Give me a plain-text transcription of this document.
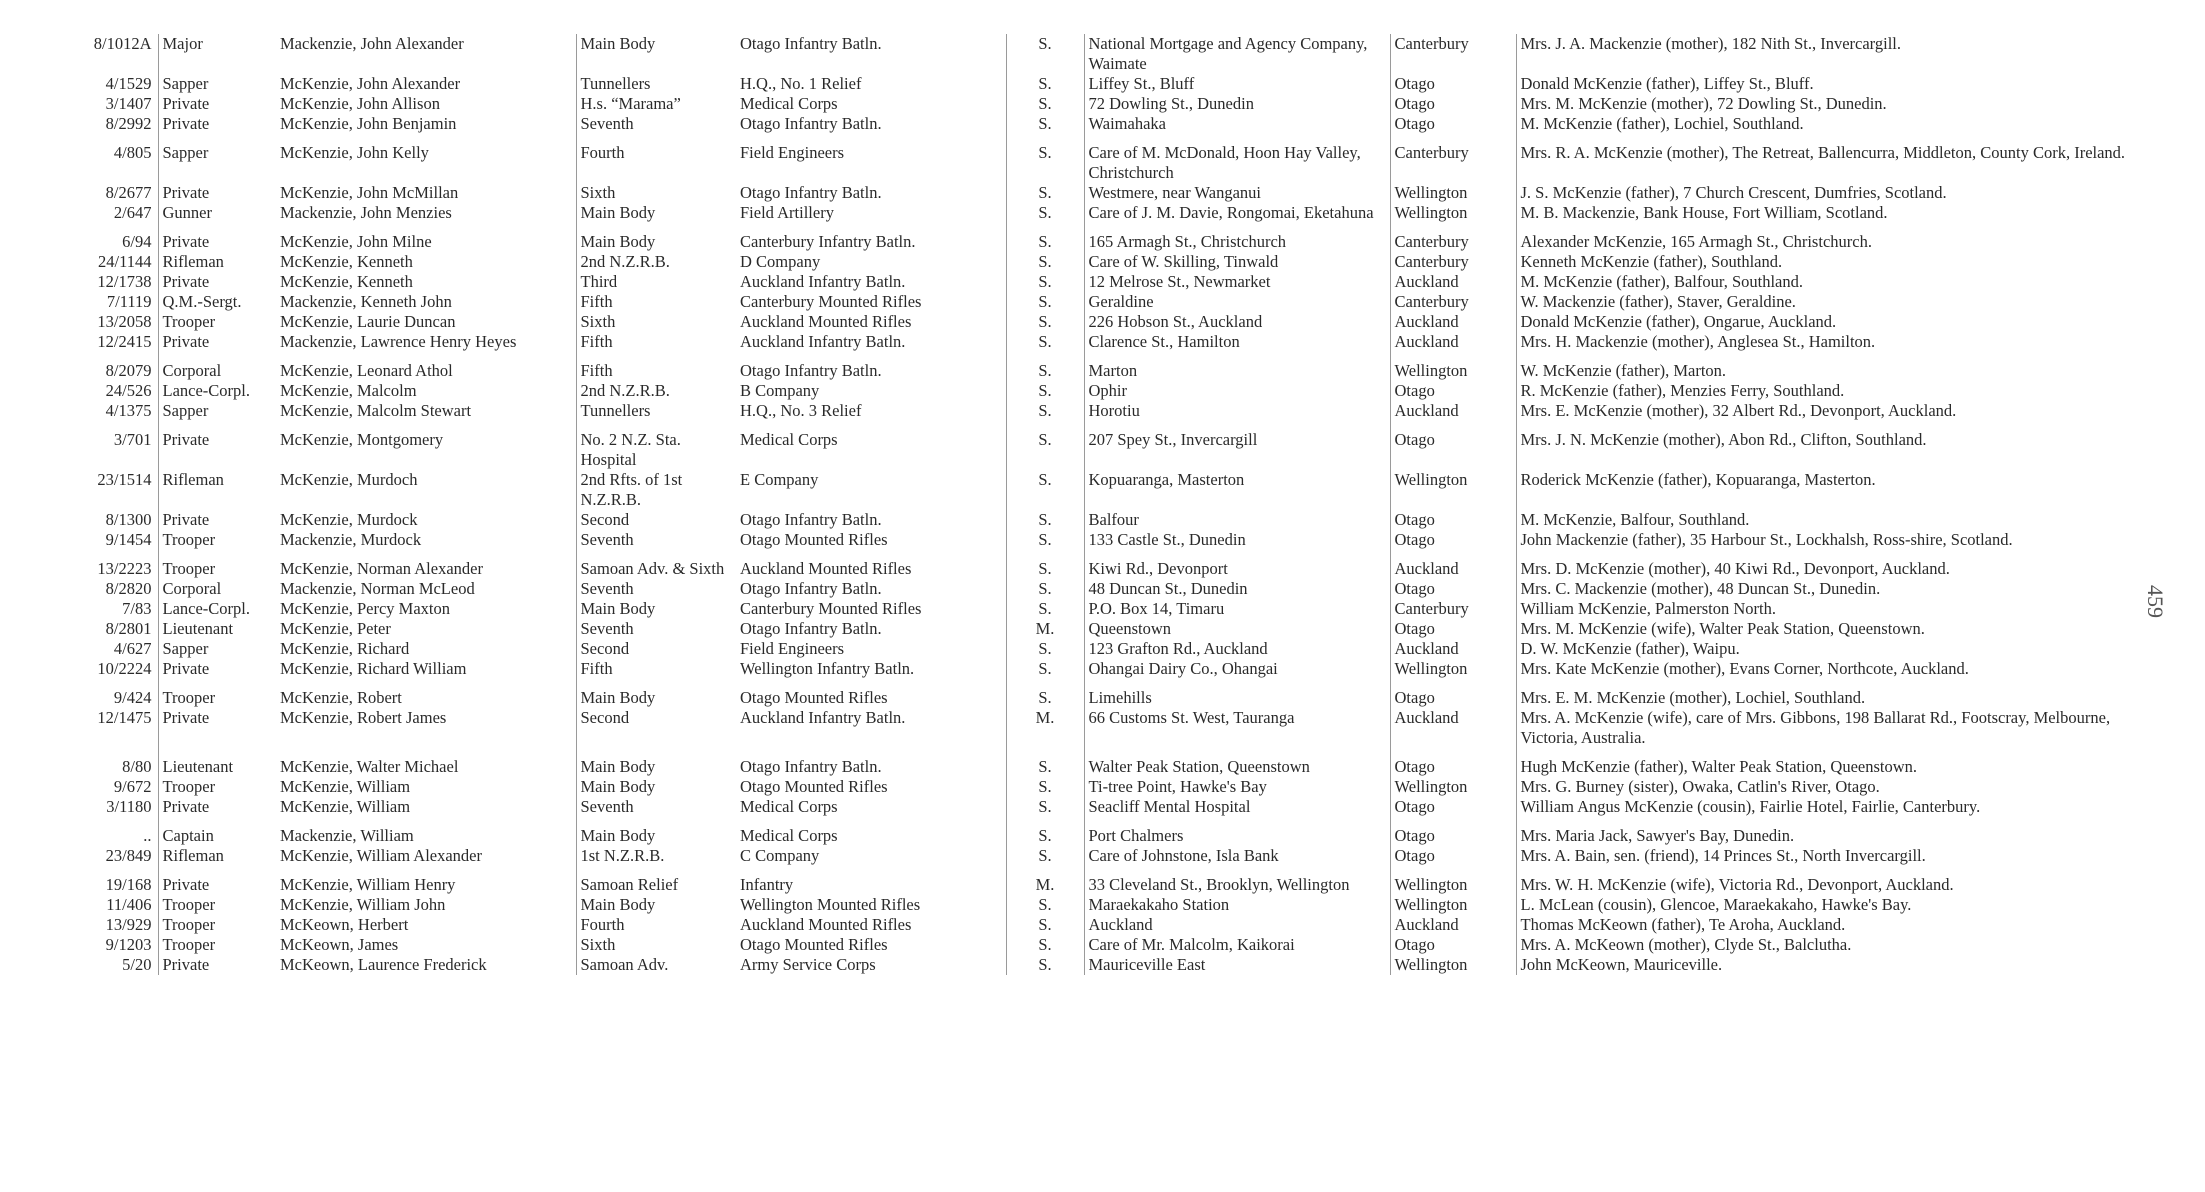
8/1012A	Major	Mackenzie, John Alexander	Main Body	Otago Infantry Batln.	S.	National Mortgage and Agency Company, Waimate	Canterbury	Mrs. J. A. Mackenzie (mother), 182 Nith St., Invercargill.
4/1529	Sapper	McKenzie, John Alexander	Tunnellers	H.Q., No. 1 Relief	S.	Liffey St., Bluff	Otago	Donald McKenzie (father), Liffey St., Bluff.
3/1407	Private	McKenzie, John Allison	H.s. “Marama”	Medical Corps	S.	72 Dowling St., Dunedin	Otago	Mrs. M. McKenzie (mother), 72 Dowling St., Dunedin.
8/2992	Private	McKenzie, John Benjamin	Seventh	Otago Infantry Batln.	S.	Waimahaka	Otago	M. McKenzie (father), Lochiel, Southland.
4/805	Sapper	McKenzie, John Kelly	Fourth	Field Engineers	S.	Care of M. McDonald, Hoon Hay Valley, Christchurch	Canterbury	Mrs. R. A. McKenzie (mother), The Retreat, Ballencurra, Middleton, County Cork, Ireland.
8/2677	Private	McKenzie, John McMillan	Sixth	Otago Infantry Batln.	S.	Westmere, near Wanganui	Wellington	J. S. McKenzie (father), 7 Church Crescent, Dumfries, Scotland.
2/647	Gunner	Mackenzie, John Menzies	Main Body	Field Artillery	S.	Care of J. M. Davie, Rongomai, Eketahuna	Wellington	M. B. Mackenzie, Bank House, Fort William, Scotland.
6/94	Private	McKenzie, John Milne	Main Body	Canterbury Infantry Batln.	S.	165 Armagh St., Christchurch	Canterbury	Alexander McKenzie, 165 Armagh St., Christchurch.
24/1144	Rifleman	McKenzie, Kenneth	2nd N.Z.R.B.	D Company	S.	Care of W. Skilling, Tinwald	Canterbury	Kenneth McKenzie (father), Southland.
12/1738	Private	McKenzie, Kenneth	Third	Auckland Infantry Batln.	S.	12 Melrose St., Newmarket	Auckland	M. McKenzie (father), Balfour, Southland.
7/1119	Q.M.-Sergt.	Mackenzie, Kenneth John	Fifth	Canterbury Mounted Rifles	S.	Geraldine	Canterbury	W. Mackenzie (father), Staver, Geraldine.
13/2058	Trooper	McKenzie, Laurie Duncan	Sixth	Auckland Mounted Rifles	S.	226 Hobson St., Auckland	Auckland	Donald McKenzie (father), Ongarue, Auckland.
12/2415	Private	Mackenzie, Lawrence Henry Heyes	Fifth	Auckland Infantry Batln.	S.	Clarence St., Hamilton	Auckland	Mrs. H. Mackenzie (mother), Anglesea St., Hamilton.
8/2079	Corporal	McKenzie, Leonard Athol	Fifth	Otago Infantry Batln.	S.	Marton	Wellington	W. McKenzie (father), Marton.
24/526	Lance-Corpl.	McKenzie, Malcolm	2nd N.Z.R.B.	B Company	S.	Ophir	Otago	R. McKenzie (father), Menzies Ferry, Southland.
4/1375	Sapper	McKenzie, Malcolm Stewart	Tunnellers	H.Q., No. 3 Relief	S.	Horotiu	Auckland	Mrs. E. McKenzie (mother), 32 Albert Rd., Devonport, Auckland.
3/701	Private	McKenzie, Montgomery	No. 2 N.Z. Sta. Hospital	Medical Corps	S.	207 Spey St., Invercargill	Otago	Mrs. J. N. McKenzie (mother), Abon Rd., Clifton, Southland.
23/1514	Rifleman	McKenzie, Murdoch	2nd Rfts. of 1st N.Z.R.B.	E Company	S.	Kopuaranga, Masterton	Wellington	Roderick McKenzie (father), Kopuaranga, Masterton.
8/1300	Private	McKenzie, Murdock	Second	Otago Infantry Batln.	S.	Balfour	Otago	M. McKenzie, Balfour, Southland.
9/1454	Trooper	Mackenzie, Murdock	Seventh	Otago Mounted Rifles	S.	133 Castle St., Dunedin	Otago	John Mackenzie (father), 35 Harbour St., Lockhalsh, Ross-shire, Scotland.
13/2223	Trooper	McKenzie, Norman Alexander	Samoan Adv. & Sixth	Auckland Mounted Rifles	S.	Kiwi Rd., Devonport	Auckland	Mrs. D. McKenzie (mother), 40 Kiwi Rd., Devonport, Auckland.
8/2820	Corporal	Mackenzie, Norman McLeod	Seventh	Otago Infantry Batln.	S.	48 Duncan St., Dunedin	Otago	Mrs. C. Mackenzie (mother), 48 Duncan St., Dunedin.
7/83	Lance-Corpl.	McKenzie, Percy Maxton	Main Body	Canterbury Mounted Rifles	S.	P.O. Box 14, Timaru	Canterbury	William McKenzie, Palmerston North.
8/2801	Lieutenant	McKenzie, Peter	Seventh	Otago Infantry Batln.	M.	Queenstown	Otago	Mrs. M. McKenzie (wife), Walter Peak Station, Queenstown.
4/627	Sapper	McKenzie, Richard	Second	Field Engineers	S.	123 Grafton Rd., Auckland	Auckland	D. W. McKenzie (father), Waipu.
10/2224	Private	McKenzie, Richard William	Fifth	Wellington Infantry Batln.	S.	Ohangai Dairy Co., Ohangai	Wellington	Mrs. Kate McKenzie (mother), Evans Corner, Northcote, Auckland.
9/424	Trooper	McKenzie, Robert	Main Body	Otago Mounted Rifles	S.	Limehills	Otago	Mrs. E. M. McKenzie (mother), Lochiel, Southland.
12/1475	Private	McKenzie, Robert James	Second	Auckland Infantry Batln.	M.	66 Customs St. West, Tauranga	Auckland	Mrs. A. McKenzie (wife), care of Mrs. Gibbons, 198 Ballarat Rd., Footscray, Melbourne, Victoria, Australia.
8/80	Lieutenant	McKenzie, Walter Michael	Main Body	Otago Infantry Batln.	S.	Walter Peak Station, Queenstown	Otago	Hugh McKenzie (father), Walter Peak Station, Queenstown.
9/672	Trooper	McKenzie, William	Main Body	Otago Mounted Rifles	S.	Ti-tree Point, Hawke's Bay	Wellington	Mrs. G. Burney (sister), Owaka, Catlin's River, Otago.
3/1180	Private	McKenzie, William	Seventh	Medical Corps	S.	Seacliff Mental Hospital	Otago	William Angus McKenzie (cousin), Fairlie Hotel, Fairlie, Canterbury.
..	Captain	Mackenzie, William	Main Body	Medical Corps	S.	Port Chalmers	Otago	Mrs. Maria Jack, Sawyer's Bay, Dunedin.
23/849	Rifleman	McKenzie, William Alexander	1st N.Z.R.B.	C Company	S.	Care of Johnstone, Isla Bank	Otago	Mrs. A. Bain, sen. (friend), 14 Princes St., North Invercargill.
19/168	Private	McKenzie, William Henry	Samoan Relief	Infantry	M.	33 Cleveland St., Brooklyn, Wellington	Wellington	Mrs. W. H. McKenzie (wife), Victoria Rd., Devonport, Auckland.
11/406	Trooper	McKenzie, William John	Main Body	Wellington Mounted Rifles	S.	Maraekakaho Station	Wellington	L. McLean (cousin), Glencoe, Maraekakaho, Hawke's Bay.
13/929	Trooper	McKeown, Herbert	Fourth	Auckland Mounted Rifles	S.	Auckland	Auckland	Thomas McKeown (father), Te Aroha, Auckland.
9/1203	Trooper	McKeown, James	Sixth	Otago Mounted Rifles	S.	Care of Mr. Malcolm, Kaikorai	Otago	Mrs. A. McKeown (mother), Clyde St., Balclutha.
5/20	Private	McKeown, Laurence Frederick	Samoan Adv.	Army Service Corps	S.	Mauriceville East	Wellington	John McKeown, Mauriceville.
459
